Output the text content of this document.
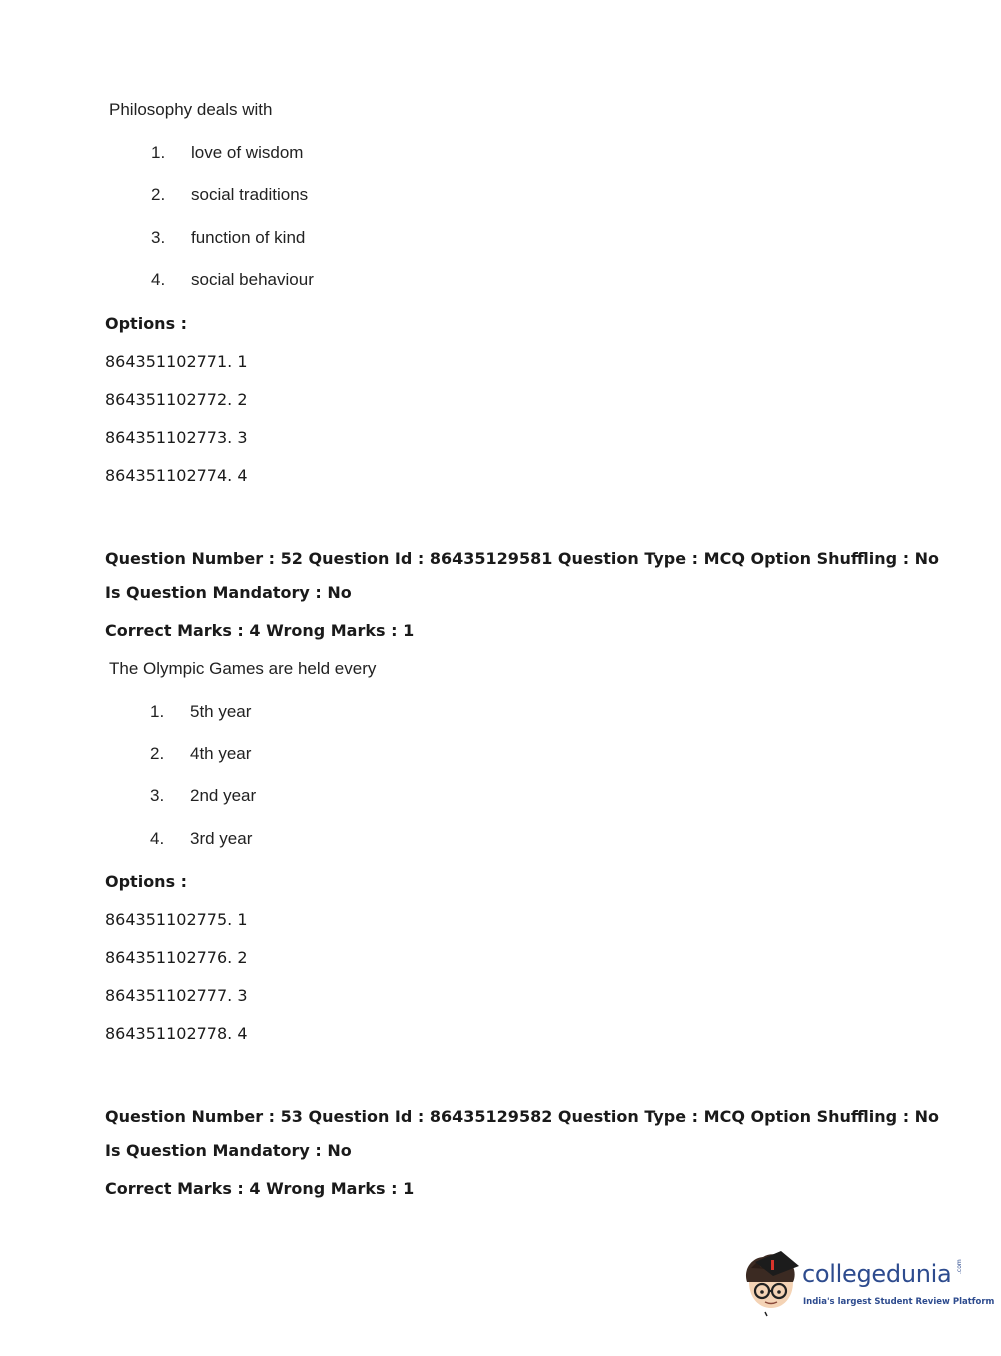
Philosophy deals with
1. love of wisdom
2. social traditions
3. function of kind
4. social behaviour
Options :
864351102771. 1
864351102772. 2
864351102773. 3
864351102774. 4
Question Number : 52 Question Id : 86435129581 Question Type : MCQ Option Shuffling : No
Is Question Mandatory : No
Correct Marks : 4 Wrong Marks : 1
The Olympic Games are held every
1. 5th year
2. 4th year
3. 2nd year
4. 3rd year
Options :
864351102775. 1
864351102776. 2
864351102777. 3
864351102778. 4
Question Number : 53 Question Id : 86435129582 Question Type : MCQ Option Shuffling : No
Is Question Mandatory : No
Correct Marks : 4 Wrong Marks : 1
collegedunia .com
India's largest Student Review Platform
